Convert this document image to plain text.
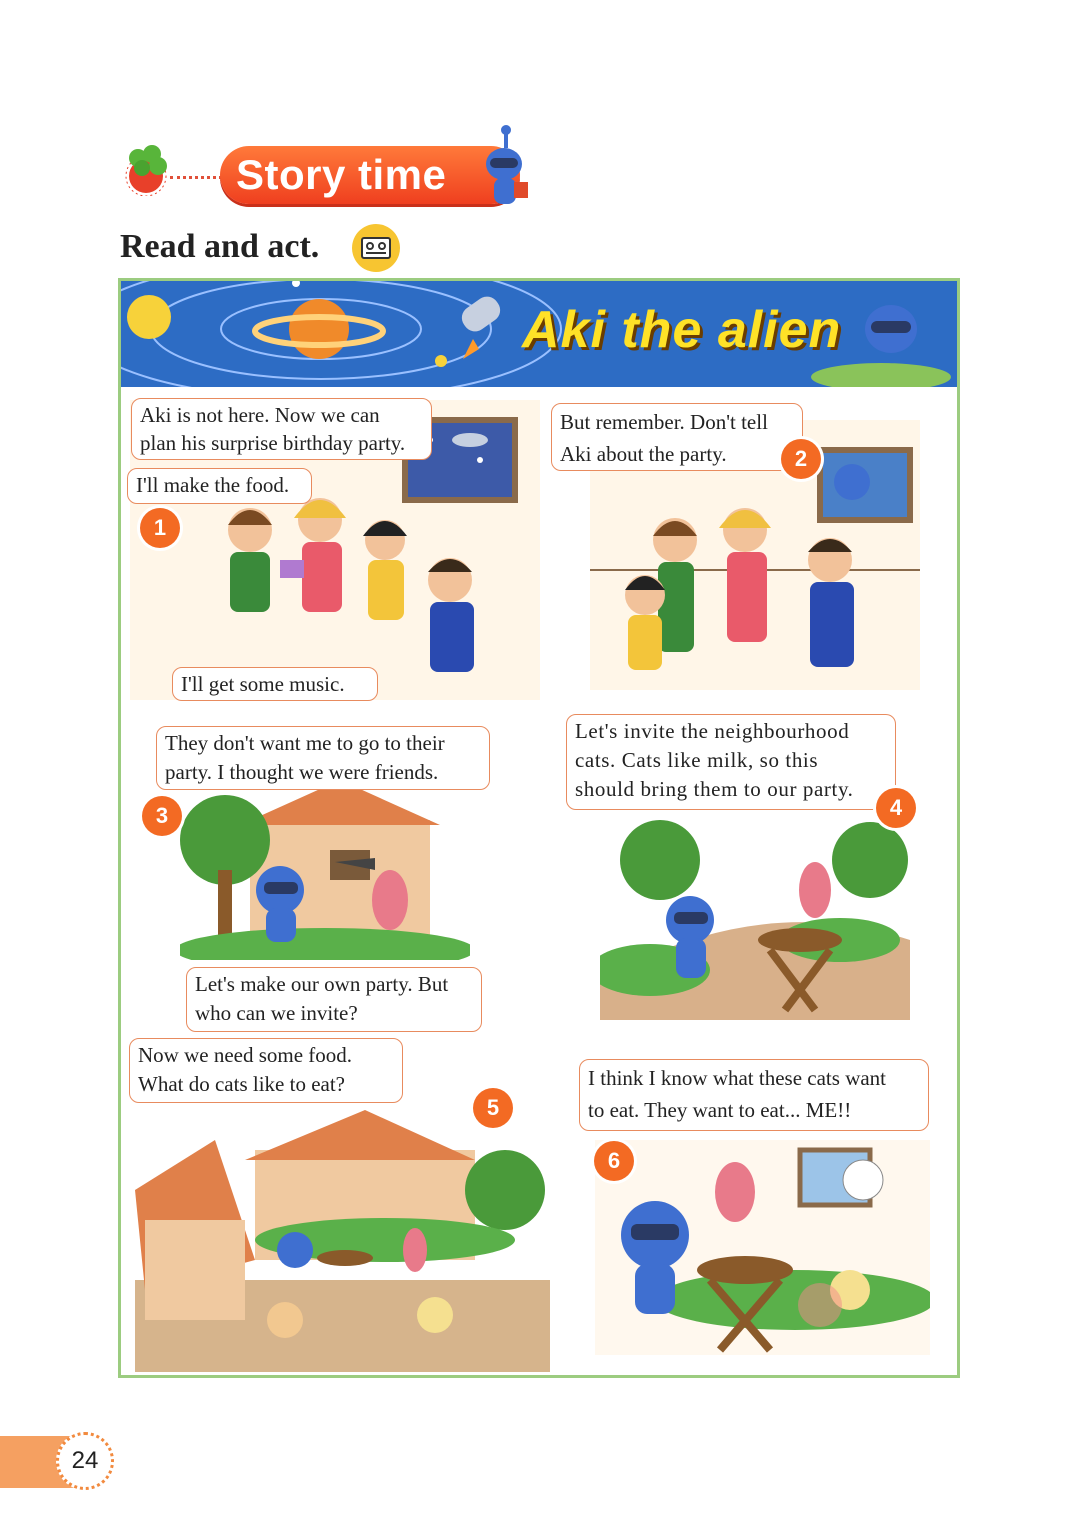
Story time
Read and act.
Aki the alien
Aki is not here. Now we can
plan his surprise birthday party.
I'll make the food.
I'll get some music.
But remember. Don't tell
Aki about the party.
They don't want me to go to their
party. I thought we were friends.
Let's make our own party. But
who can we invite?
Let's invite the neighbourhood
cats. Cats like milk, so this
should bring them to our party.
Now we need some food.
What do cats like to eat?	I think I know what these cats want
to eat. They want to eat... ME!!
1
2
3	4
5
6
24
